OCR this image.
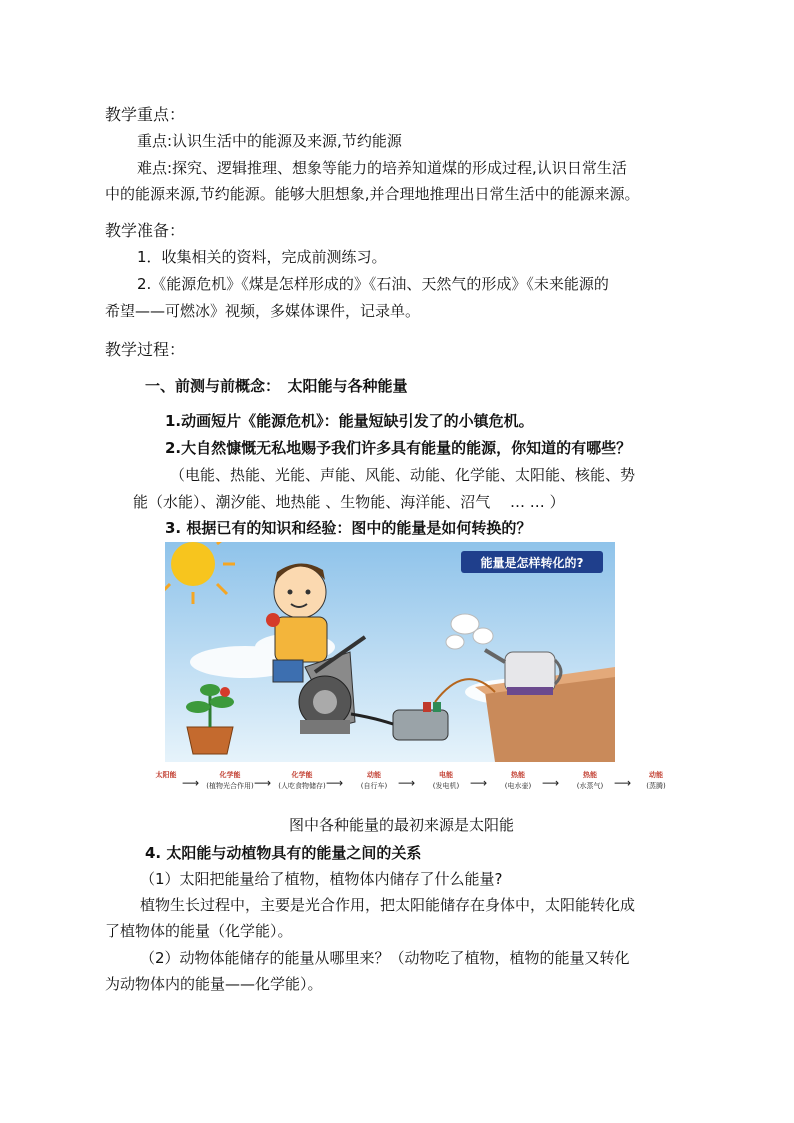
教学重点：
重点:认识生活中的能源及来源,节约能源
难点:探究、逻辑推理、想象等能力的培养知道煤的形成过程,认识日常生活
中的能源来源,节约能源。能够大胆想象,并合理地推理出日常生活中的能源来源。
教学准备：
1．收集相关的资料，完成前测练习。
2.《能源危机》《煤是怎样形成的》《石油、天然气的形成》《未来能源的
希望——可燃冰》视频，多媒体课件，记录单。
教学过程：
一、前测与前概念：　太阳能与各种能量
1.动画短片《能源危机》：能量短缺引发了的小镇危机。
2.大自然慷慨无私地赐予我们许多具有能量的能源，你知道的有哪些？
（电能、热能、光能、声能、风能、动能、化学能、太阳能、核能、势
能（水能）、潮汐能、地热能 、生物能、海洋能、沼气　 … … ）
3. 根据已有的知识和经验：图中的能量是如何转换的？
能量是怎样转化的?
太阳能
⟶
化学能
(植物光合作用) ⟶
化学能
(人吃食物储存) ⟶
动能
(自行车) ⟶
电能
(发电机) ⟶
热能
(电水壶) ⟶
热能
(水蒸气) ⟶
动能
(蒸腾)
图中各种能量的最初来源是太阳能
4. 太阳能与动植物具有的能量之间的关系
（1）太阳把能量给了植物，植物体内储存了什么能量?
植物生长过程中，主要是光合作用，把太阳能储存在身体中，太阳能转化成
了植物体的能量（化学能）。
（2）动物体能储存的能量从哪里来？（动物吃了植物，植物的能量又转化
为动物体内的能量——化学能）。
